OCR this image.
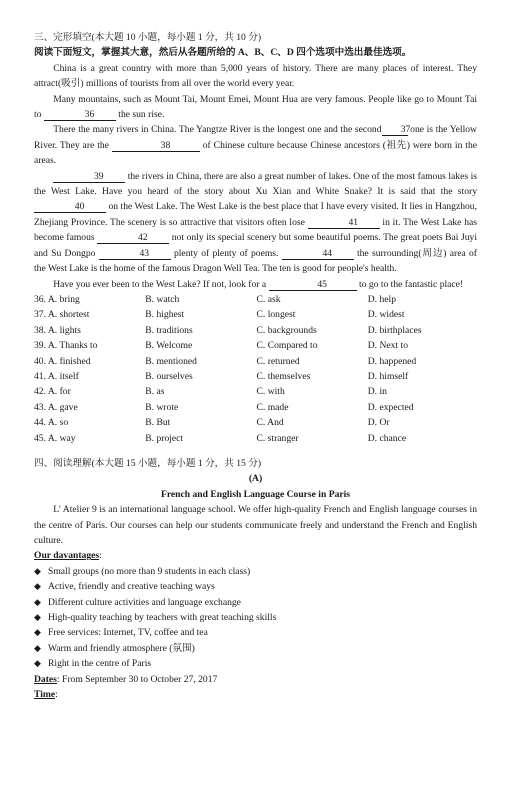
三、完形填空(本大题 10 小题，每小题 1 分，共 10 分)

阅读下面短文，掌握其大意，然后从各题所给的 A、B、C、D 四个选项中选出最佳选项。

China is a great country with more than 5,000 years of history. There are many places of interest. They attract(吸引) millions of tourists from all over the world every year.

Many mountains, such as Mount Tai, Mount Emei, Mount Hua are very famous. People like go to Mount Tai to	36 the sun rise.

There the many rivers in China. The Yangtze River is the longest one and the second 37 one is the Yellow River. They are the	38	of Chinese culture because Chinese ancestors (祖先) were born in the areas.

39 the rivers in China, there are also a great number of lakes. One of the most famous lakes is the West Lake. Have you heard of the story about Xu Xian and White Snake? It is said that the story 40 on the West Lake. The West Lake is the best place that I have every visited. It lies in Hangzhou, Zhejiang Province. The scenery is so attractive that visitors often lose	41 in it. The West Lake has become famous	42 not only its special scenery but some beautiful poems. The great poets Bai Juyi and Su Dongpo	43 plenty of plenty of poems.	44 the surrounding(周边) area of the West Lake is the home of the famous Dragon Well Tea. The ten is good for people's health.

Have you ever been to the West Lake? If not, look for a	45	to go to the fantastic place!

36. A. bring	B. watch	C. ask	D. help
37. A. shortest	B. highest	C. longest	D. widest
38. A. lights	B. traditions	C. backgrounds	D. birthplaces
39. A. Thanks to	B. Welcome	C. Compared to	D. Next to
40. A. finished	B. mentioned	C. returned	D. happened
41. A. itself	B. ourselves	C. themselves	D. himself
42. A. for	B. as	C. with	D. in
43. A. gave	B. wrote	C. made	D. expected
44. A. so	B. But	C. And	D. Or
45. A. way	B. project	C. stranger	D. chance

四、阅读理解(本大题 15 小题，每小题 1 分，共 15 分)

(A)

French and English Language Course in Paris

L' Atelier 9 is an international language school. We offer high-quality French and English language courses in the centre of Paris. Our courses can help our students communicate freely and understand the French and English culture.

Our davantages:

◆ Small groups (no more than 9 students in each class)
◆ Active, friendly and creative teaching ways
◆ Different culture activities and language exchange
◆ High-quality teaching by teachers with great teaching skills
◆ Free services: Internet, TV, coffee and tea
◆ Warm and friendly atmosphere (氛围)
◆ Right in the centre of Paris

Dates: From September 30 to October 27, 2017

Time:
